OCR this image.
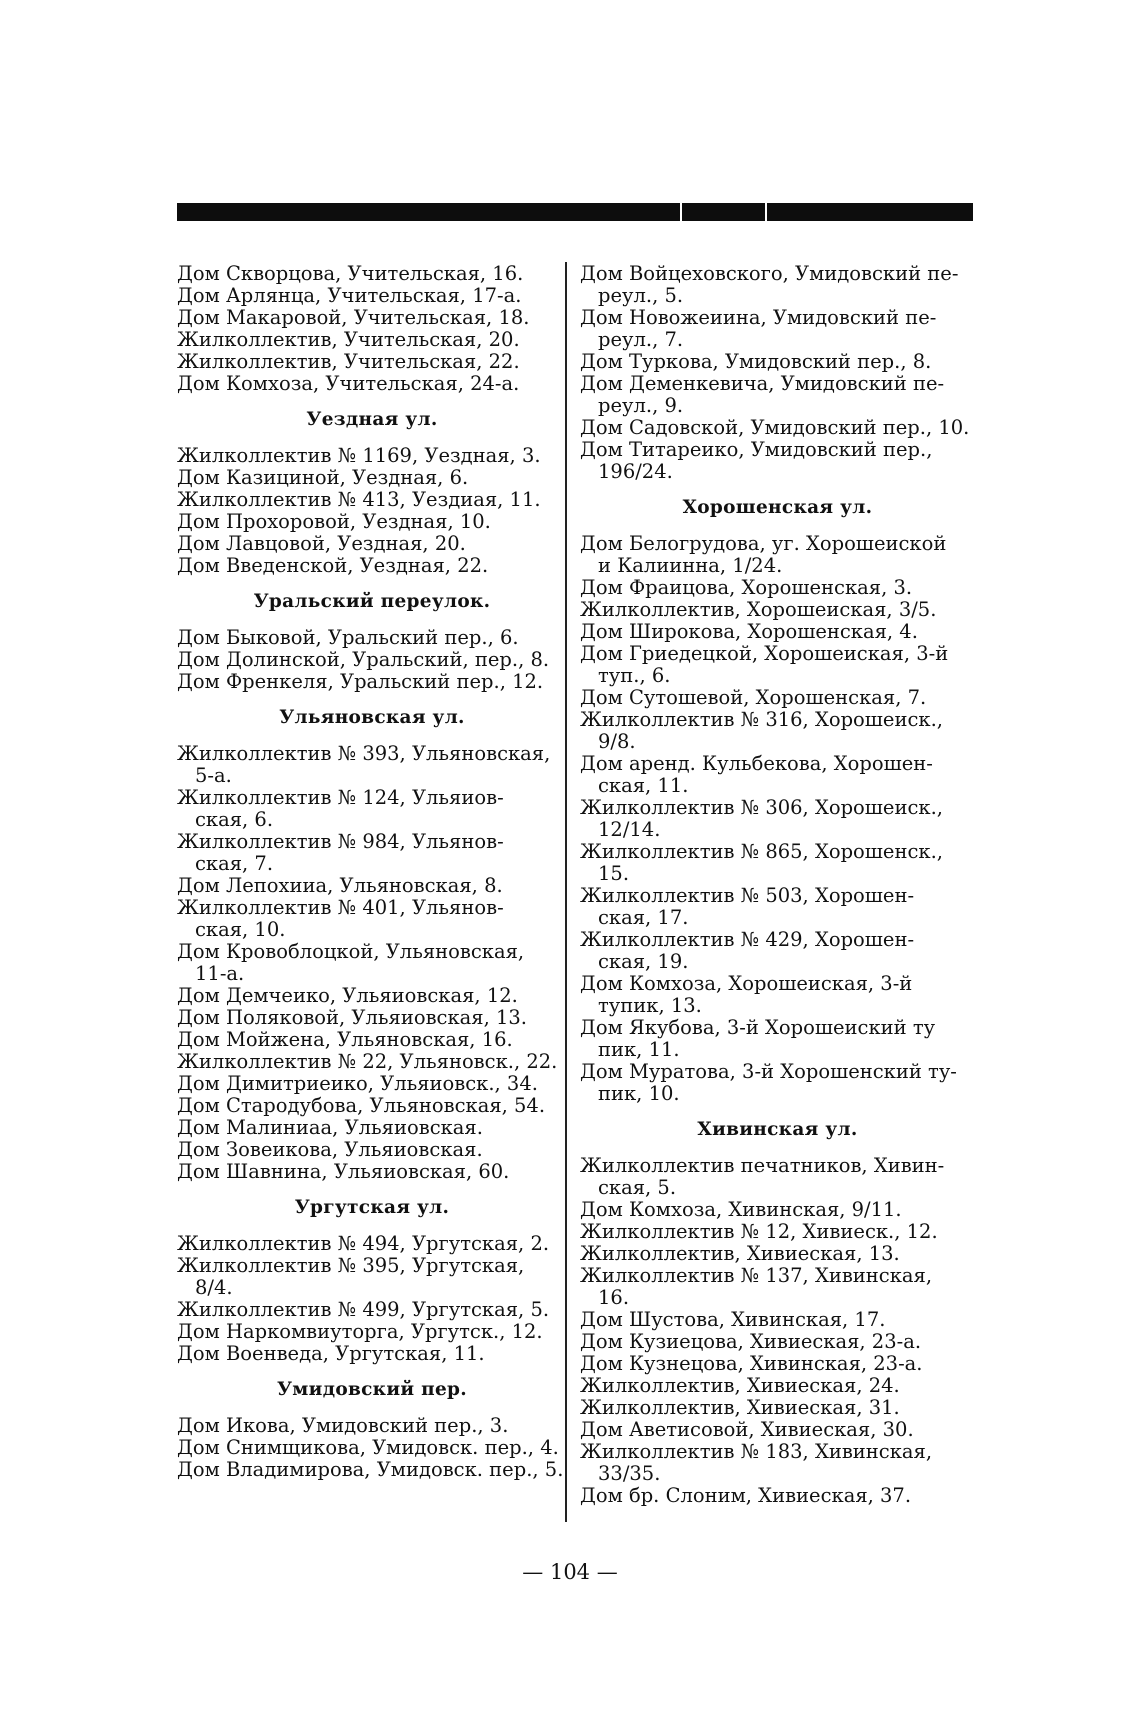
Дом Скворцова, Учительская, 16.
Дом Арлянца, Учительская, 17-а.
Дом Макаровой, Учительская, 18.
Жилколлектив, Учительская, 20.
Жилколлектив, Учительская, 22.
Дом Комхоза, Учительская, 24-а.
Уездная ул.
Жилколлектив № 1169, Уездная, 3.
Дом Казициной, Уездная, 6.
Жилколлектив № 413, Уездиая, 11.
Дом Прохоровой, Уездная, 10.
Дом Лавцовой, Уездная, 20.
Дом Введенской, Уездная, 22.
Уральский переулок.
Дом Быковой, Уральский пер., 6.
Дом Долинской, Уральский, пер., 8.
Дом Френкеля, Уральский пер., 12.
Ульяновская ул.
Жилколлектив № 393, Ульяновская,
5-а.
Жилколлектив № 124, Ульяиов-
ская, 6.
Жилколлектив № 984, Ульянов-
ская, 7.
Дом Лепохииа, Ульяновская, 8.
Жилколлектив № 401, Ульянов-
ская, 10.
Дом Кровоблоцкой, Ульяновская,
11-а.
Дом Демчеико, Ульяиовская, 12.
Дом Поляковой, Ульяиовская, 13.
Дом Мойжена, Ульяновская, 16.
Жилколлектив № 22, Ульяновск., 22.
Дом Димитриеико, Ульяиовск., 34.
Дом Стародубова, Ульяновская, 54.
Дом Малиниаа, Ульяиовская.
Дом Зовеикова, Ульяиовская.
Дом Шавнина, Ульяиовская, 60.
Ургутская ул.
Жилколлектив № 494, Ургутская, 2.
Жилколлектив № 395, Ургутская,
8/4.
Жилколлектив № 499, Ургутская, 5.
Дом Наркомвиуторга, Ургутск., 12.
Дом Военведа, Ургутская, 11.
Умидовский пер.
Дом Икова, Умидовский пер., 3.
Дом Снимщикова, Умидовск. пер., 4.
Дом Владимирова, Умидовск. пер., 5.
Дом Войцеховского, Умидовский пе-
реул., 5.
Дом Новожеиина, Умидовский пе-
реул., 7.
Дом Туркова, Умидовский пер., 8.
Дом Деменкевича, Умидовский пе-
реул., 9.
Дом Садовской, Умидовский пер., 10.
Дом Титареико, Умидовский пер.,
196/24.
Хорошенская ул.
Дом Белогрудова, уг. Хорошеиской
и Калиинна, 1/24.
Дом Фраицова, Хорошенская, 3.
Жилколлектив, Хорошеиская, 3/5.
Дом Широкова, Хорошенская, 4.
Дом Гриедецкой, Хорошеиская, 3-й
туп., 6.
Дом Сутошевой, Хорошенская, 7.
Жилколлектив № 316, Хорошеиск.,
9/8.
Дом аренд. Кульбекова, Хорошен-
ская, 11.
Жилколлектив № 306, Хорошеиск.,
12/14.
Жилколлектив № 865, Хорошенск.,
15.
Жилколлектив № 503, Хорошен-
ская, 17.
Жилколлектив № 429, Хорошен-
ская, 19.
Дом Комхоза, Хорошеиская, 3-й
тупик, 13.
Дом Якубова, 3-й Хорошеиский ту
пик, 11.
Дом Муратова, 3-й Хорошенский ту-
пик, 10.
Хивинская ул.
Жилколлектив печатников, Хивин-
ская, 5.
Дом Комхоза, Хивинская, 9/11.
Жилколлектив № 12, Хивиеск., 12.
Жилколлектив, Хивиеская, 13.
Жилколлектив № 137, Хивинская,
16.
Дом Шустова, Хивинская, 17.
Дом Кузиецова, Хивиеская, 23-а.
Дом Кузнецова, Хивинская, 23-а.
Жилколлектив, Хивиеская, 24.
Жилколлектив, Хивиеская, 31.
Дом Аветисовой, Хивиеская, 30.
Жилколлектив № 183, Хивинская,
33/35.
Дом бр. Слоним, Хивиеская, 37.
— 104 —
